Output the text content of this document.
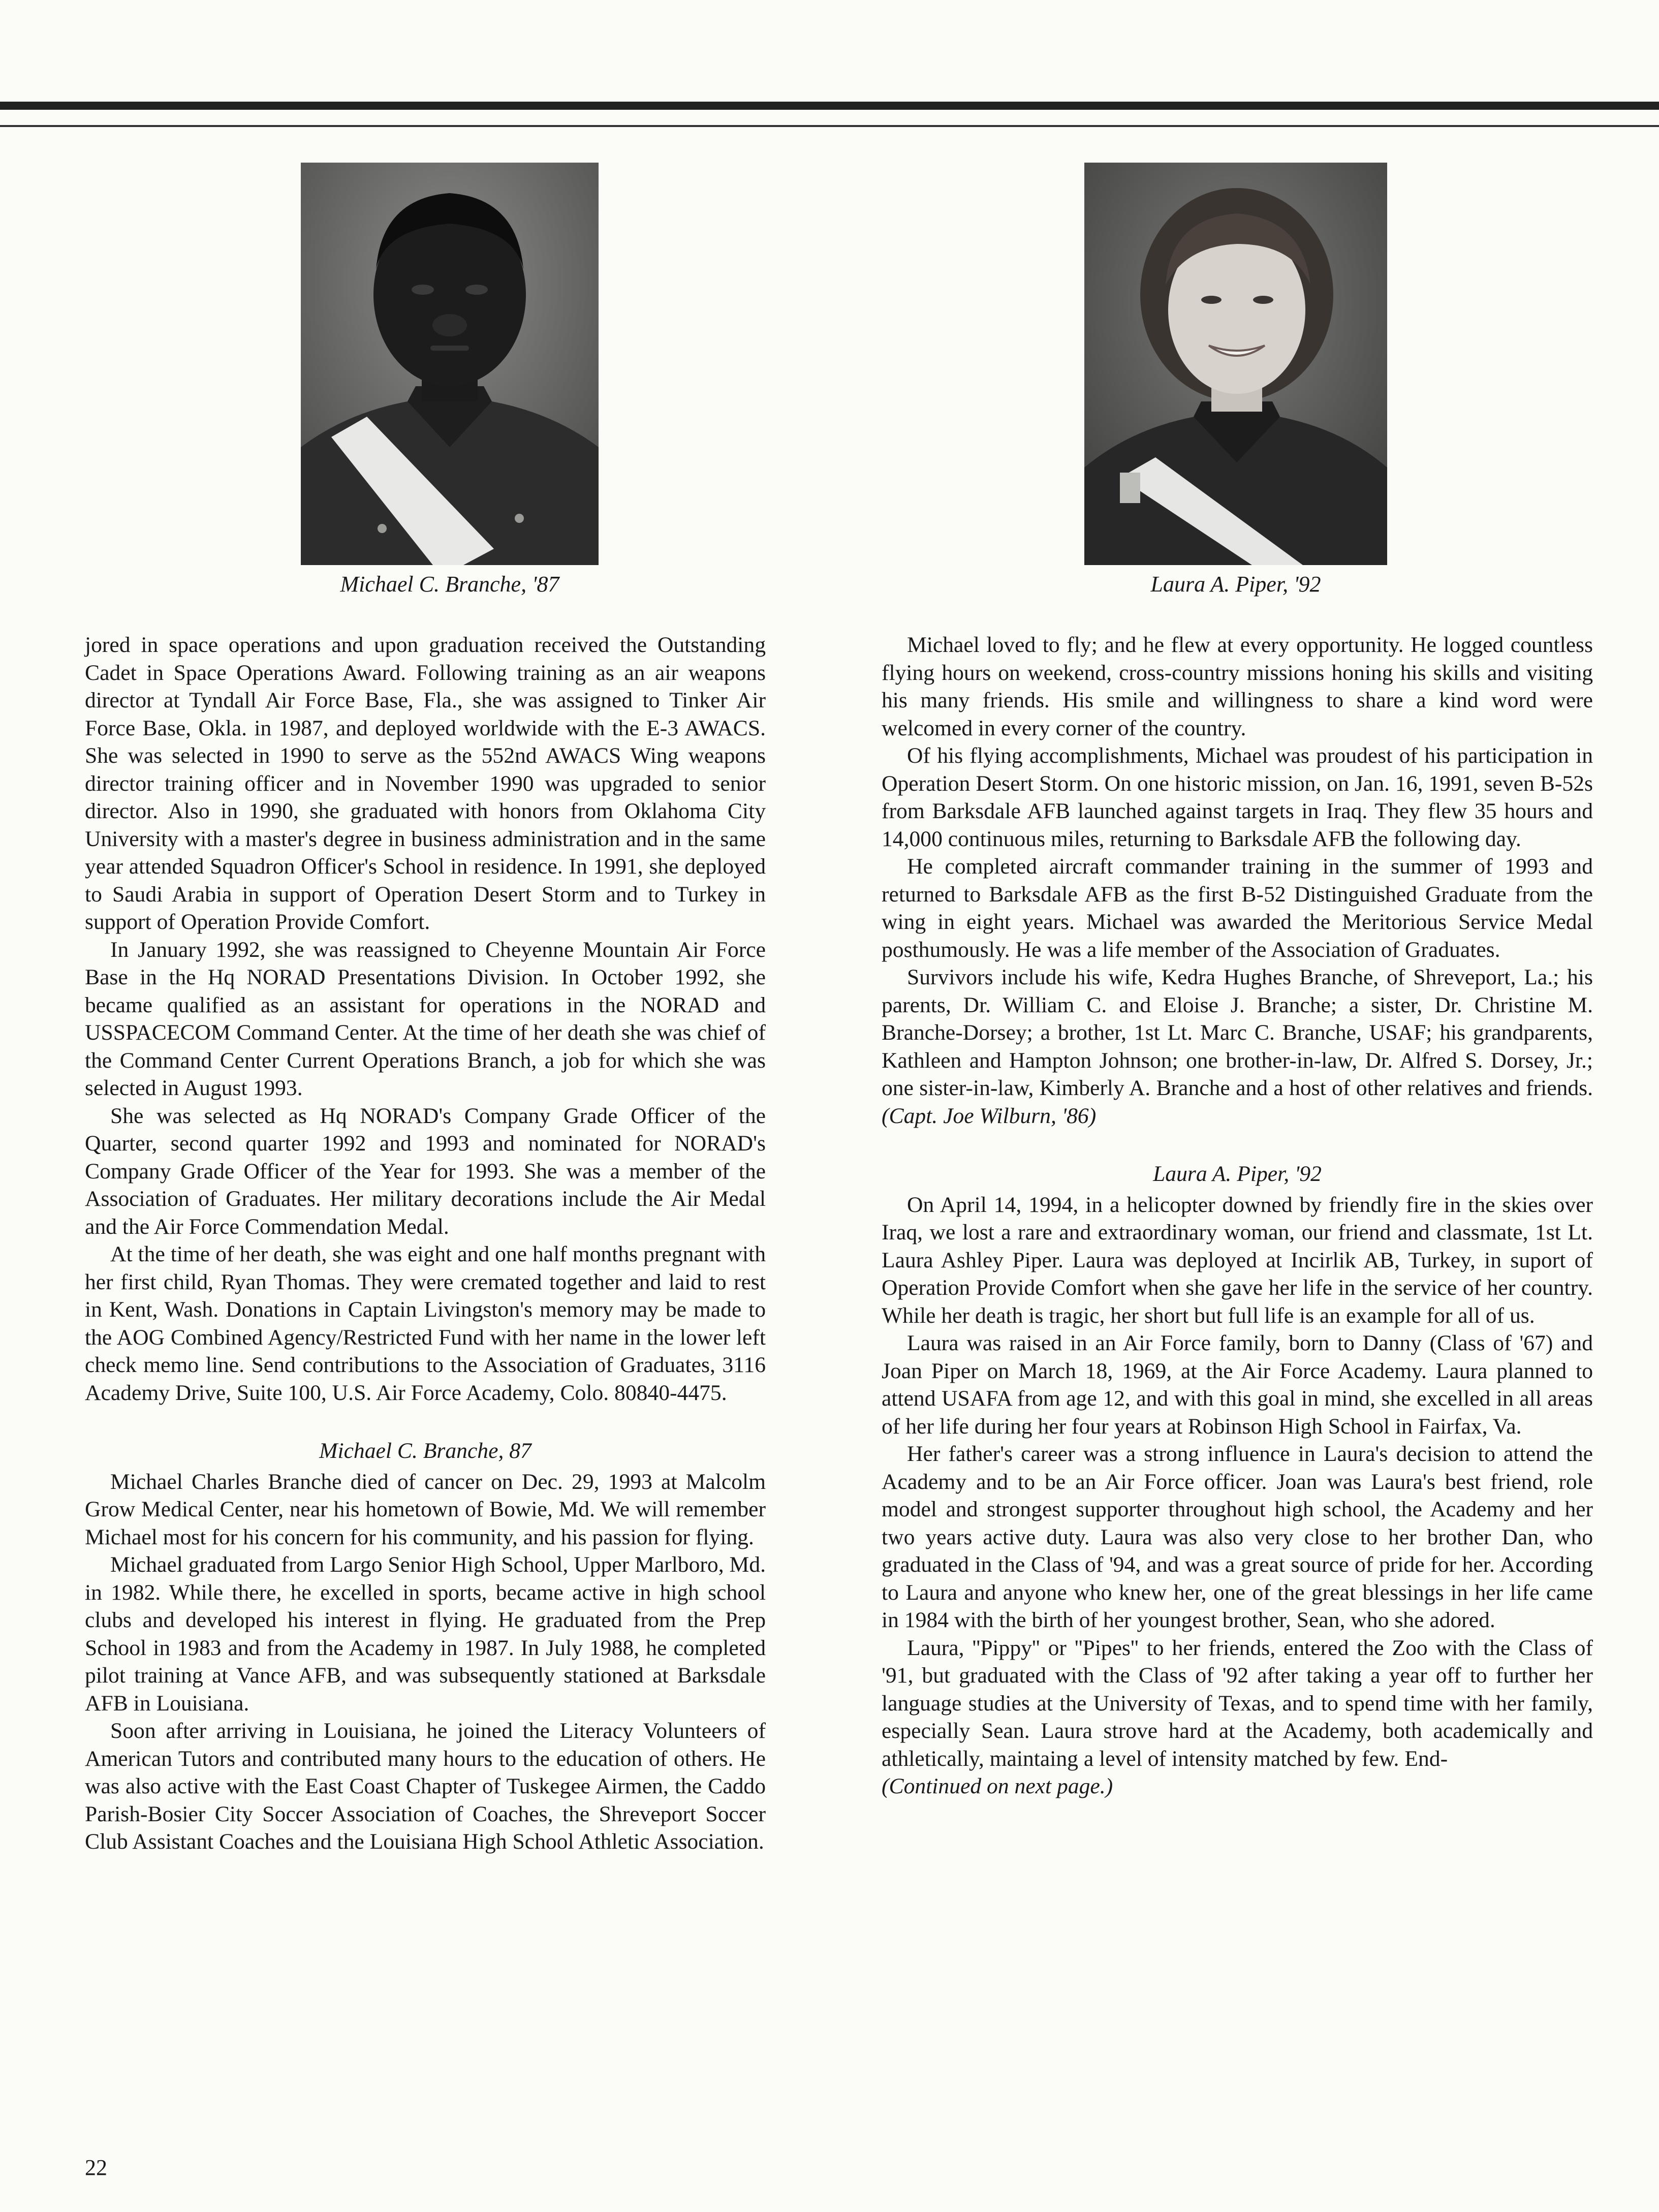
Michael C. Branche, '87	Laura A. Piper, '92

jored in space operations and upon graduation received the Outstanding Cadet in Space Operations Award. Following training as an air weapons director at Tyndall Air Force Base, Fla., she was assigned to Tinker Air Force Base, Okla. in 1987, and deployed worldwide with the E-3 AWACS. She was selected in 1990 to serve as the 552nd AWACS Wing weapons director training officer and in November 1990 was upgraded to senior director. Also in 1990, she graduated with honors from Oklahoma City University with a master's degree in business administration and in the same year attended Squadron Officer's School in residence. In 1991, she deployed to Saudi Arabia in support of Operation Desert Storm and to Turkey in support of Operation Provide Comfort.

In January 1992, she was reassigned to Cheyenne Mountain Air Force Base in the Hq NORAD Presentations Division. In October 1992, she became qualified as an assistant for operations in the NORAD and USSPACECOM Command Center. At the time of her death she was chief of the Command Center Current Operations Branch, a job for which she was selected in August 1993.

She was selected as Hq NORAD's Company Grade Officer of the Quarter, second quarter 1992 and 1993 and nominated for NORAD's Company Grade Officer of the Year for 1993. She was a member of the Association of Graduates. Her military decorations include the Air Medal and the Air Force Commendation Medal.

At the time of her death, she was eight and one half months pregnant with her first child, Ryan Thomas. They were cremated together and laid to rest in Kent, Wash. Donations in Captain Livingston's memory may be made to the AOG Combined Agency/Restricted Fund with her name in the lower left check memo line. Send contributions to the Association of Graduates, 3116 Academy Drive, Suite 100, U.S. Air Force Academy, Colo. 80840-4475.

Michael C. Branche, 87

Michael Charles Branche died of cancer on Dec. 29, 1993 at Malcolm Grow Medical Center, near his hometown of Bowie, Md. We will remember Michael most for his concern for his community, and his passion for flying.

Michael graduated from Largo Senior High School, Upper Marlboro, Md. in 1982. While there, he excelled in sports, became active in high school clubs and developed his interest in flying. He graduated from the Prep School in 1983 and from the Academy in 1987. In July 1988, he completed pilot training at Vance AFB, and was subsequently stationed at Barksdale AFB in Louisiana.

Soon after arriving in Louisiana, he joined the Literacy Volunteers of American Tutors and contributed many hours to the education of others. He was also active with the East Coast Chapter of Tuskegee Airmen, the Caddo Parish-Bosier City Soccer Association of Coaches, the Shreveport Soccer Club Assistant Coaches and the Louisiana High School Athletic Association.

Michael loved to fly; and he flew at every opportunity. He logged countless flying hours on weekend, cross-country missions honing his skills and visiting his many friends. His smile and willingness to share a kind word were welcomed in every corner of the country.

Of his flying accomplishments, Michael was proudest of his participation in Operation Desert Storm. On one historic mission, on Jan. 16, 1991, seven B-52s from Barksdale AFB launched against targets in Iraq. They flew 35 hours and 14,000 continuous miles, returning to Barksdale AFB the following day.

He completed aircraft commander training in the summer of 1993 and returned to Barksdale AFB as the first B-52 Distinguished Graduate from the wing in eight years. Michael was awarded the Meritorious Service Medal posthumously. He was a life member of the Association of Graduates.

Survivors include his wife, Kedra Hughes Branche, of Shreveport, La.; his parents, Dr. William C. and Eloise J. Branche; a sister, Dr. Christine M. Branche-Dorsey; a brother, 1st Lt. Marc C. Branche, USAF; his grandparents, Kathleen and Hampton Johnson; one brother-in-law, Dr. Alfred S. Dorsey, Jr.; one sister-in-law, Kimberly A. Branche and a host of other relatives and friends. (Capt. Joe Wilburn, '86)

Laura A. Piper, '92

On April 14, 1994, in a helicopter downed by friendly fire in the skies over Iraq, we lost a rare and extraordinary woman, our friend and classmate, 1st Lt. Laura Ashley Piper. Laura was deployed at Incirlik AB, Turkey, in suport of Operation Provide Comfort when she gave her life in the service of her country. While her death is tragic, her short but full life is an example for all of us.

Laura was raised in an Air Force family, born to Danny (Class of '67) and Joan Piper on March 18, 1969, at the Air Force Academy. Laura planned to attend USAFA from age 12, and with this goal in mind, she excelled in all areas of her life during her four years at Robinson High School in Fairfax, Va.

Her father's career was a strong influence in Laura's decision to attend the Academy and to be an Air Force officer. Joan was Laura's best friend, role model and strongest supporter throughout high school, the Academy and her two years active duty. Laura was also very close to her brother Dan, who graduated in the Class of '94, and was a great source of pride for her. According to Laura and anyone who knew her, one of the great blessings in her life came in 1984 with the birth of her youngest brother, Sean, who she adored.

Laura, ''Pippy'' or ''Pipes'' to her friends, entered the Zoo with the Class of '91, but graduated with the Class of '92 after taking a year off to further her language studies at the University of Texas, and to spend time with her family, especially Sean. Laura strove hard at the Academy, both academically and athletically, maintaing a level of intensity matched by few. End-

(Continued on next page.)

22
